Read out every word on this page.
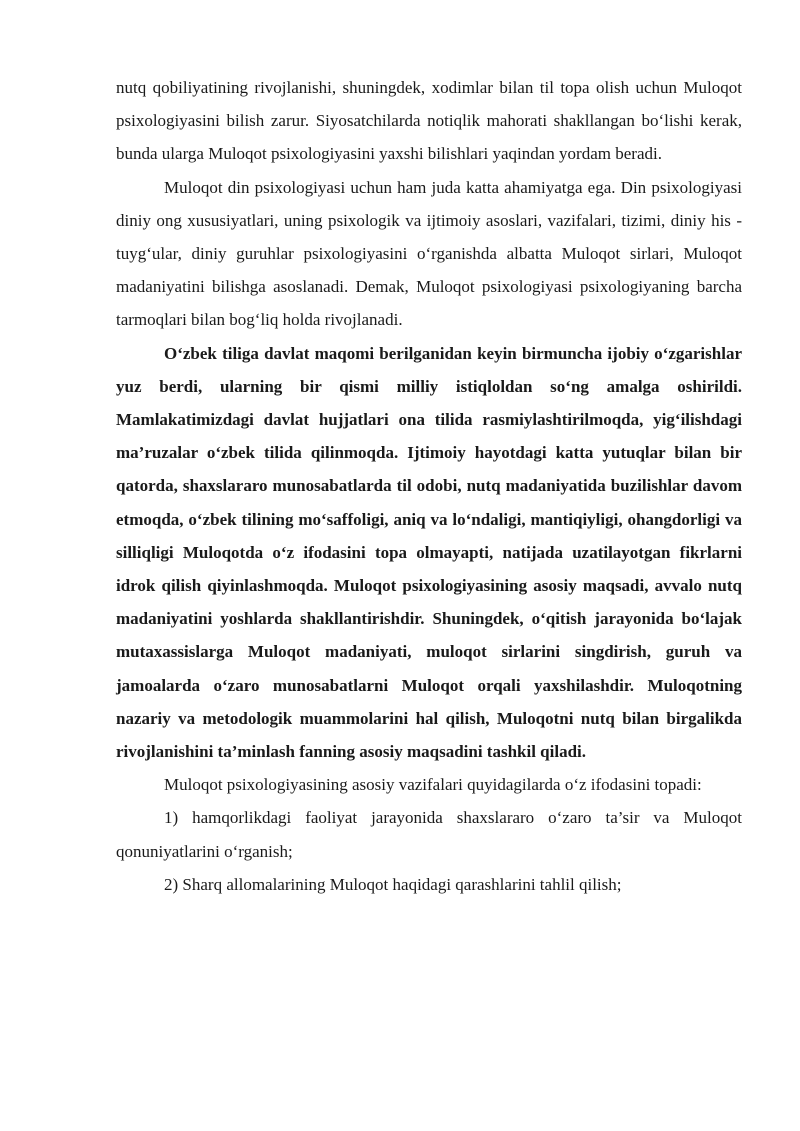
nutq qobiliyatining rivojlanishi, shuningdek, xodimlar bilan til topa olish uchun Muloqot psixologiyasini bilish zarur. Siyosatchilarda notiqlik mahorati shakllangan bo‘lishi kerak, bunda ularga Muloqot psixologiyasini yaxshi bilishlari yaqindan yordam beradi.

Muloqot din psixologiyasi uchun ham juda katta ahamiyatga ega. Din psixologiyasi diniy ong xususiyatlari, uning psixologik va ijtimoiy asoslari, vazifalari, tizimi, diniy his - tuyg‘ular, diniy guruhlar psixologiyasini o‘rganishda albatta Muloqot sirlari, Muloqot madaniyatini bilishga asoslanadi. Demak, Muloqot psixologiyasi psixologiyaning barcha tarmoqlari bilan bog‘liq holda rivojlanadi.

O‘zbek tiliga davlat maqomi berilganidan keyin birmuncha ijobiy o‘zgarishlar yuz berdi, ularning bir qismi milliy istiqloldan so‘ng amalga oshirildi. Mamlakatimizdagi davlat hujjatlari ona tilida rasmiylashtirilmoqda, yig‘ilishdagi ma’ruzalar o‘zbek tilida qilinmoqda. Ijtimoiy hayotdagi katta yutuqlar bilan bir qatorda, shaxslararo munosabatlarda til odobi, nutq madaniyatida buzilishlar davom etmoqda, o‘zbek tilining mo‘saffoligi, aniq va lo‘ndaligi, mantiqiyligi, ohangdorligi va silliqligi Muloqotda o‘z ifodasini topa olmayapti, natijada uzatilayotgan fikrlarni idrok qilish qiyinlashmoqda. Muloqot psixologiyasining asosiy maqsadi, avvalo nutq madaniyatini yoshlarda shakllantirishdir. Shuningdek, o‘qitish jarayonida bo‘lajak mutaxassislarga Muloqot madaniyati, muloqot sirlarini singdirish, guruh va jamoalarda o‘zaro munosabatlarni Muloqot orqali yaxshilashdir. Muloqotning nazariy va metodologik muammolarini hal qilish, Muloqotni nutq bilan birgalikda rivojlanishini ta’minlash fanning asosiy maqsadini tashkil qiladi.

Muloqot psixologiyasining asosiy vazifalari quyidagilarda o‘z ifodasini topadi:

1) hamqorlikdagi faoliyat jarayonida shaxslararo o‘zaro ta’sir va Muloqot qonuniyatlarini o‘rganish;

2) Sharq allomalarining Muloqot haqidagi qarashlarini tahlil qilish;
